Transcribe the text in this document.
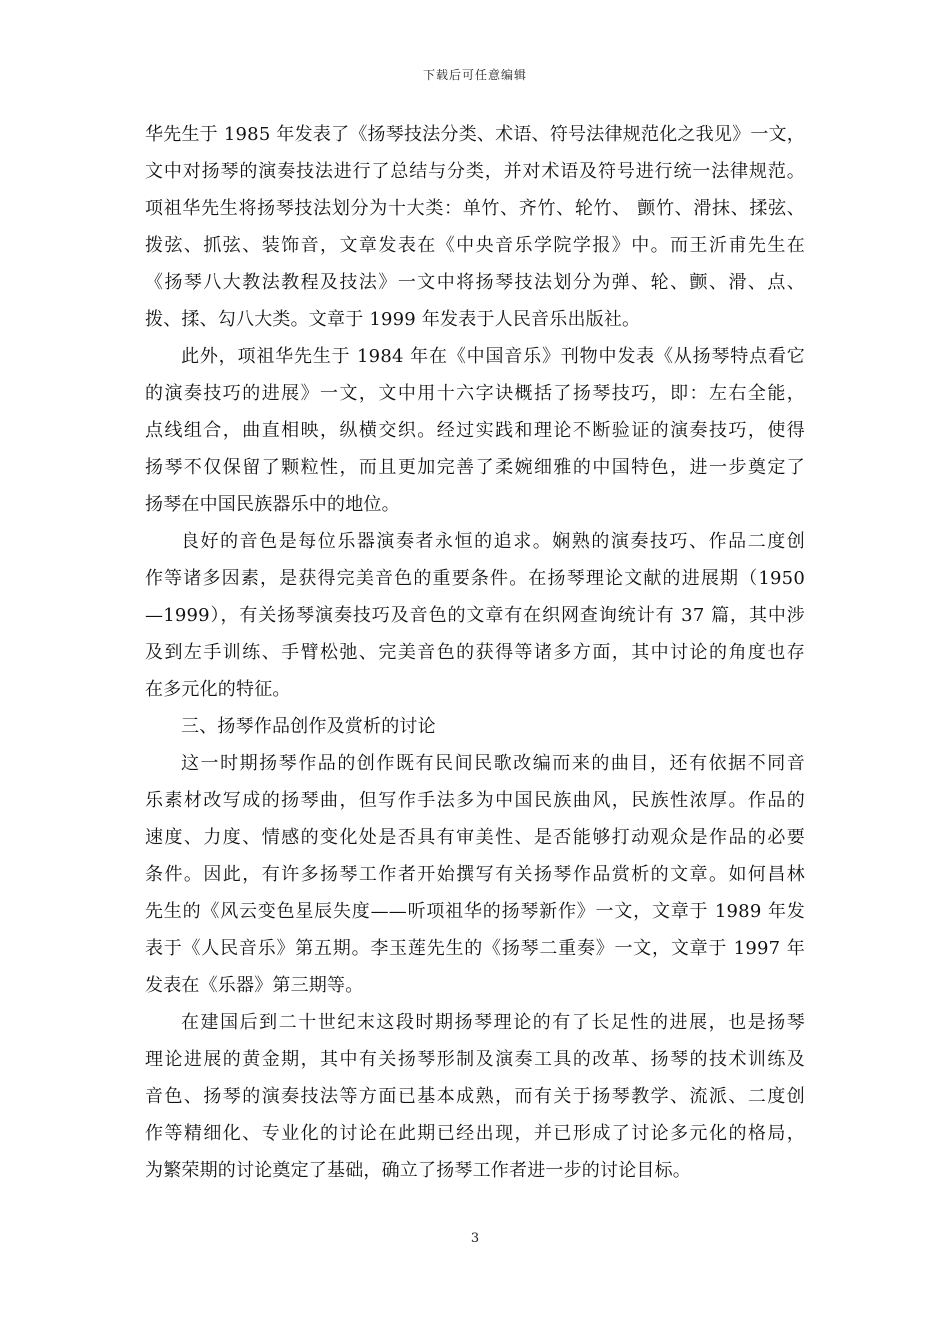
下载后可任意编辑
华先生于 1985 年发表了《扬琴技法分类、术语、符号法律规范化之我见》一文，
文中对扬琴的演奏技法进行了总结与分类，并对术语及符号进行统一法律规范。
项祖华先生将扬琴技法划分为十大类：单竹、齐竹、轮竹、 颤竹、滑抹、揉弦、
拨弦、抓弦、装饰音，文章发表在《中央音乐学院学报》中。而王沂甫先生在
《扬琴八大教法教程及技法》一文中将扬琴技法划分为弹、轮、颤、滑、点、
拨、揉、勾八大类。文章于 1999 年发表于人民音乐出版社。
此外，项祖华先生于 1984 年在《中国音乐》刊物中发表《从扬琴特点看它
的演奏技巧的进展》一文，文中用十六字诀概括了扬琴技巧，即：左右全能，
点线组合，曲直相映，纵横交织。经过实践和理论不断验证的演奏技巧，使得
扬琴不仅保留了颗粒性，而且更加完善了柔婉细雅的中国特色，进一步奠定了
扬琴在中国民族器乐中的地位。
良好的音色是每位乐器演奏者永恒的追求。娴熟的演奏技巧、作品二度创
作等诸多因素，是获得完美音色的重要条件。在扬琴理论文献的进展期（1950
—1999），有关扬琴演奏技巧及音色的文章有在织网查询统计有 37 篇，其中涉
及到左手训练、手臂松弛、完美音色的获得等诸多方面，其中讨论的角度也存
在多元化的特征。
三、扬琴作品创作及赏析的讨论
这一时期扬琴作品的创作既有民间民歌改编而来的曲目，还有依据不同音
乐素材改写成的扬琴曲，但写作手法多为中国民族曲风，民族性浓厚。作品的
速度、力度、情感的变化处是否具有审美性、是否能够打动观众是作品的必要
条件。因此，有许多扬琴工作者开始撰写有关扬琴作品赏析的文章。如何昌林
先生的《风云变色星辰失度——听项祖华的扬琴新作》一文，文章于 1989 年发
表于《人民音乐》第五期。李玉莲先生的《扬琴二重奏》一文，文章于 1997 年
发表在《乐器》第三期等。
在建国后到二十世纪末这段时期扬琴理论的有了长足性的进展，也是扬琴
理论进展的黄金期，其中有关扬琴形制及演奏工具的改革、扬琴的技术训练及
音色、扬琴的演奏技法等方面已基本成熟，而有关于扬琴教学、流派、二度创
作等精细化、专业化的讨论在此期已经出现，并已形成了讨论多元化的格局，
为繁荣期的讨论奠定了基础，确立了扬琴工作者进一步的讨论目标。
3
